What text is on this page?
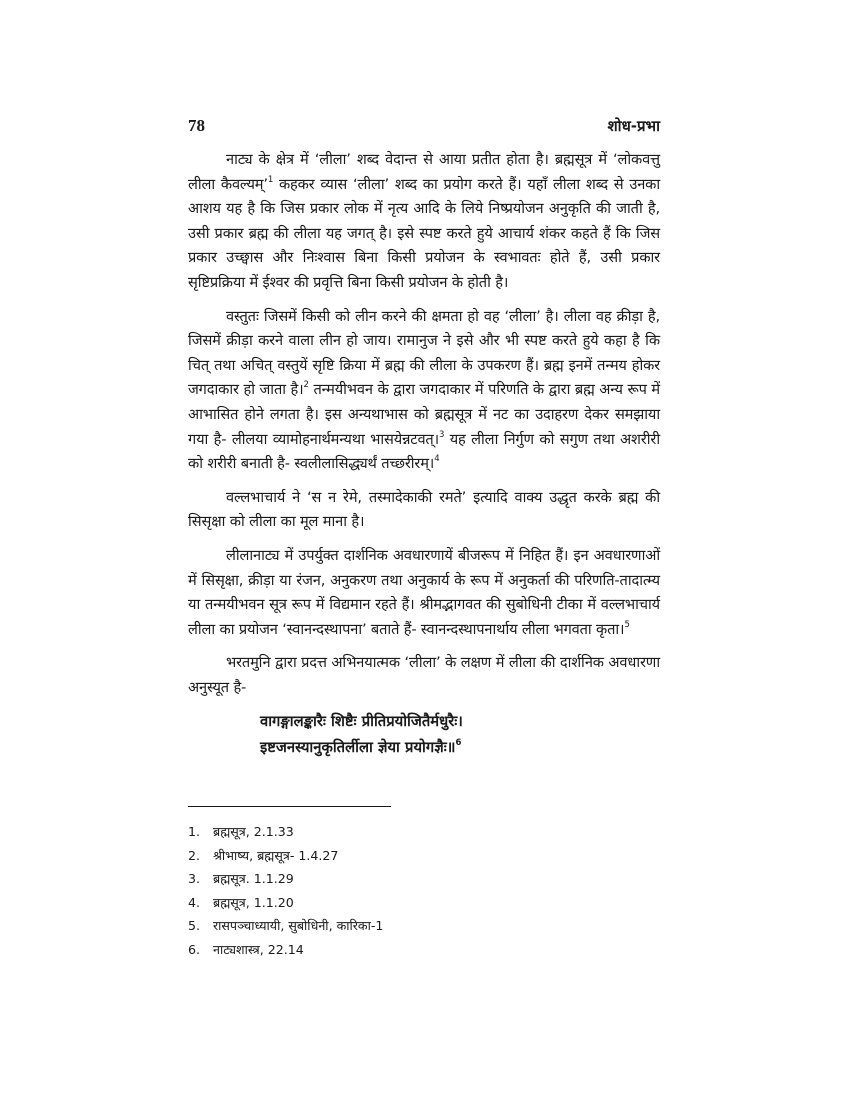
78	शोध-प्रभा

नाट्य के क्षेत्र में ‘लीला’ शब्द वेदान्त से आया प्रतीत होता है। ब्रह्मसूत्र में ‘लोकवत्तु लीला कैवल्यम्’$^1$ कहकर व्यास ‘लीला’ शब्द का प्रयोग करते हैं। यहाँ लीला शब्द से उनका आशय यह है कि जिस प्रकार लोक में नृत्य आदि के लिये निष्प्रयोजन अनुकृति की जाती है, उसी प्रकार ब्रह्म की लीला यह जगत् है। इसे स्पष्ट करते हुये आचार्य शंकर कहते हैं कि जिस प्रकार उच्छ्वास और निःश्वास बिना किसी प्रयोजन के स्वभावतः होते हैं, उसी प्रकार सृष्टिप्रक्रिया में ईश्वर की प्रवृत्ति बिना किसी प्रयोजन के होती है।

वस्तुतः जिसमें किसी को लीन करने की क्षमता हो वह ‘लीला’ है। लीला वह क्रीड़ा है, जिसमें क्रीड़ा करने वाला लीन हो जाय। रामानुज ने इसे और भी स्पष्ट करते हुये कहा है कि चित् तथा अचित् वस्तुयें सृष्टि क्रिया में ब्रह्म की लीला के उपकरण हैं। ब्रह्म इनमें तन्मय होकर जगदाकार हो जाता है।$^2$ तन्मयीभवन के द्वारा जगदाकार में परिणति के द्वारा ब्रह्म अन्य रूप में आभासित होने लगता है। इस अन्यथाभास को ब्रह्मसूत्र में नट का उदाहरण देकर समझाया गया है- लीलया व्यामोहनार्थमन्यथा भासयेन्नटवत्।$^3$ यह लीला निर्गुण को सगुण तथा अशरीरी को शरीरी बनाती है- स्वलीलासिद्ध्यर्थं तच्छरीरम्।$^4$

वल्लभाचार्य ने ‘स न रेमे, तस्मादेकाकी रमते’ इत्यादि वाक्य उद्धृत करके ब्रह्म की सिसृक्षा को लीला का मूल माना है।

लीलानाट्य में उपर्युक्त दार्शनिक अवधारणायें बीजरूप में निहित हैं। इन अवधारणाओं में सिसृक्षा, क्रीड़ा या रंजन, अनुकरण तथा अनुकार्य के रूप में अनुकर्ता की परिणति-तादात्म्य या तन्मयीभवन सूत्र रूप में विद्यमान रहते हैं। श्रीमद्भागवत की सुबोधिनी टीका में वल्लभाचार्य लीला का प्रयोजन ‘स्वानन्दस्थापना’ बताते हैं- स्वानन्दस्थापनार्थाय लीला भगवता कृता।$^5$

भरतमुनि द्वारा प्रदत्त अभिनयात्मक ‘लीला’ के लक्षण में लीला की दार्शनिक अवधारणा अनुस्यूत है-

वागङ्गालङ्कारैः शिष्टैः प्रीतिप्रयोजितैर्मधुरैः।
इष्टजनस्यानुकृतिर्लीला ज्ञेया प्रयोगज्ञैः॥$^6$
1. ब्रह्मसूत्र, 2.1.33
2. श्रीभाष्य, ब्रह्मसूत्र- 1.4.27
3. ब्रह्मसूत्र. 1.1.29
4. ब्रह्मसूत्र, 1.1.20
5. रासपञ्चाध्यायी, सुबोधिनी, कारिका-1
6. नाट्यशास्त्र, 22.14
